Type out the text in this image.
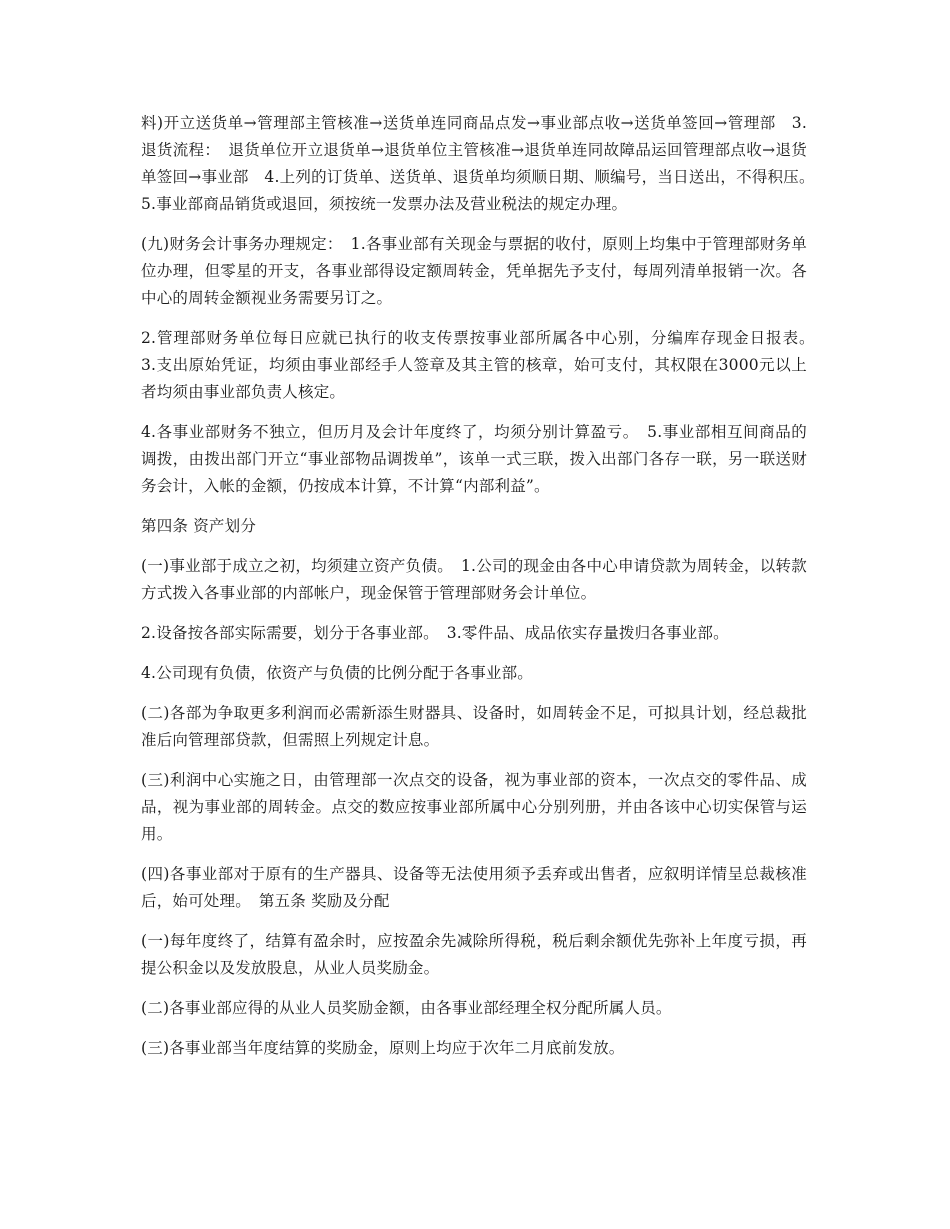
料)开立送货单→管理部主管核准→送货单连同商品点发→事业部点收→送货单签回→管理部　3.退货流程：　退货单位开立退货单→退货单位主管核准→退货单连同故障品运回管理部点收→退货单签回→事业部　4.上列的订货单、送货单、退货单均须顺日期、顺编号，当日送出，不得积压。　5.事业部商品销货或退回，须按统一发票办法及营业税法的规定办理。

(九)财务会计事务办理规定：　1.各事业部有关现金与票据的收付，原则上均集中于管理部财务单位办理，但零星的开支，各事业部得设定额周转金，凭单据先予支付，每周列清单报销一次。各中心的周转金额视业务需要另订之。

2.管理部财务单位每日应就已执行的收支传票按事业部所属各中心别，分编库存现金日报表。　3.支出原始凭证，均须由事业部经手人签章及其主管的核章，始可支付，其权限在3000元以上者均须由事业部负责人核定。

4.各事业部财务不独立，但历月及会计年度终了，均须分别计算盈亏。　5.事业部相互间商品的调拨，由拨出部门开立“事业部物品调拨单”，该单一式三联，拨入出部门各存一联，另一联送财务会计，入帐的金额，仍按成本计算，不计算“内部利益”。

第四条 资产划分

(一)事业部于成立之初，均须建立资产负债。　1.公司的现金由各中心申请贷款为周转金，以转款方式拨入各事业部的内部帐户，现金保管于管理部财务会计单位。

2.设备按各部实际需要，划分于各事业部。　3.零件品、成品依实存量拨归各事业部。

4.公司现有负债，依资产与负债的比例分配于各事业部。

(二)各部为争取更多利润而必需新添生财器具、设备时，如周转金不足，可拟具计划，经总裁批准后向管理部贷款，但需照上列规定计息。

(三)利润中心实施之日，由管理部一次点交的设备，视为事业部的资本，一次点交的零件品、成品，视为事业部的周转金。点交的数应按事业部所属中心分别列册，并由各该中心切实保管与运用。

(四)各事业部对于原有的生产器具、设备等无法使用须予丢弃或出售者，应叙明详情呈总裁核准后，始可处理。　第五条 奖励及分配

(一)每年度终了，结算有盈余时，应按盈余先减除所得税，税后剩余额优先弥补上年度亏损，再提公积金以及发放股息，从业人员奖励金。

(二)各事业部应得的从业人员奖励金额，由各事业部经理全权分配所属人员。

(三)各事业部当年度结算的奖励金，原则上均应于次年二月底前发放。
